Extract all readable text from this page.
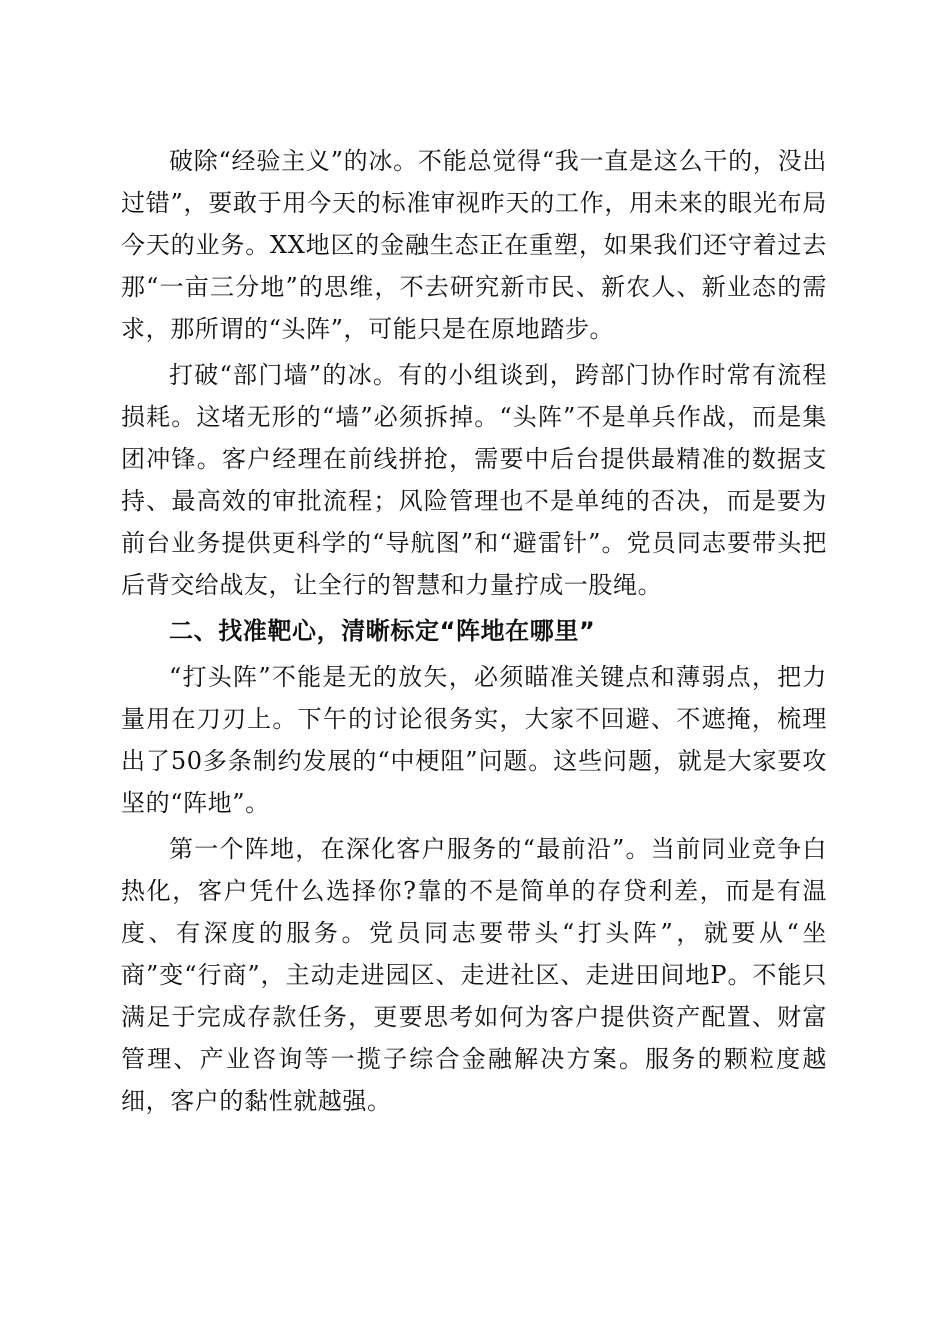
破除“经验主义”的冰。不能总觉得“我一直是这么干的，没出过错”，要敢于用今天的标准审视昨天的工作，用未来的眼光布局今天的业务。XX地区的金融生态正在重塑，如果我们还守着过去那“一亩三分地”的思维，不去研究新市民、新农人、新业态的需求，那所谓的“头阵”，可能只是在原地踏步。

打破“部门墙”的冰。有的小组谈到，跨部门协作时常有流程损耗。这堵无形的“墙”必须拆掉。“头阵”不是单兵作战，而是集团冲锋。客户经理在前线拼抢，需要中后台提供最精准的数据支持、最高效的审批流程；风险管理也不是单纯的否决，而是要为前台业务提供更科学的“导航图”和“避雷针”。党员同志要带头把后背交给战友，让全行的智慧和力量拧成一股绳。

二、找准靶心，清晰标定“阵地在哪里”

“打头阵”不能是无的放矢，必须瞄准关键点和薄弱点，把力量用在刀刃上。下午的讨论很务实，大家不回避、不遮掩，梳理出了50多条制约发展的“中梗阻”问题。这些问题，就是大家要攻坚的“阵地”。

第一个阵地，在深化客户服务的“最前沿”。当前同业竞争白热化，客户凭什么选择你?靠的不是简单的存贷利差，而是有温度、有深度的服务。党员同志要带头“打头阵”，就要从“坐商”变“行商”，主动走进园区、走进社区、走进田间地P。不能只满足于完成存款任务，更要思考如何为客户提供资产配置、财富管理、产业咨询等一揽子综合金融解决方案。服务的颗粒度越细，客户的黏性就越强。
